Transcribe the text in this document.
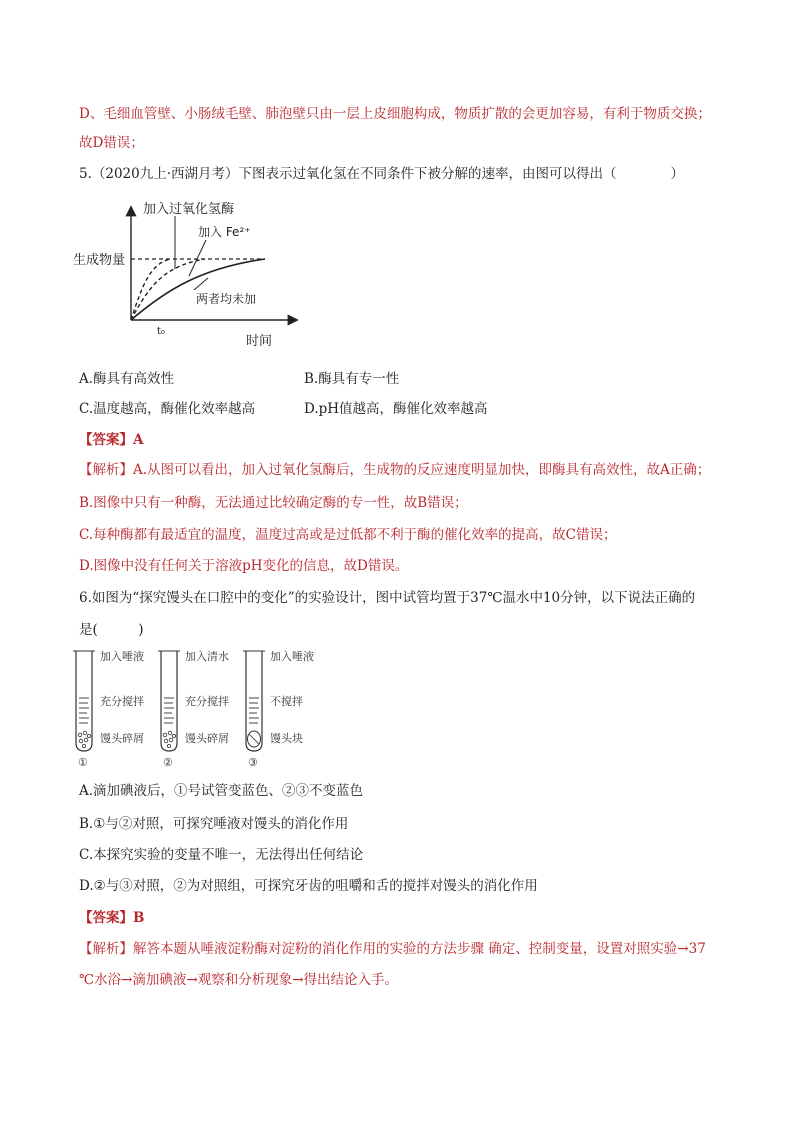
D、毛细血管壁、小肠绒毛壁、肺泡壁只由一层上皮细胞构成，物质扩散的会更加容易，有利于物质交换；
故D错误；
5.（2020九上·西湖月考）下图表示过氧化氢在不同条件下被分解的速率，由图可以得出（　　　　）
加入过氧化氢酶
加入 Fe²⁺
两者均未加
生成物量
t₀
时间
A.酶具有高效性	B.酶具有专一性
C.温度越高，酶催化效率越高	D.pH值越高，酶催化效率越高
【答案】A
【解析】A.从图可以看出，加入过氧化氢酶后，生成物的反应速度明显加快，即酶具有高效性，故A正确；
B.图像中只有一种酶，无法通过比较确定酶的专一性，故B错误；
C.每种酶都有最适宜的温度，温度过高或是过低都不利于酶的催化效率的提高，故C错误；
D.图像中没有任何关于溶液pH变化的信息，故D错误。
6.如图为“探究馒头在口腔中的变化”的实验设计，图中试管均置于37℃温水中10分钟，以下说法正确的
是(　　　)
加入唾液
充分搅拌
馒头碎屑
①
加入清水
充分搅拌
馒头碎屑
②
加入唾液
不搅拌
馒头块
③
A.滴加碘液后，①号试管变蓝色、②③不变蓝色
B.①与②对照，可探究唾液对馒头的消化作用
C.本探究实验的变量不唯一，无法得出任何结论
D.②与③对照，②为对照组，可探究牙齿的咀嚼和舌的搅拌对馒头的消化作用
【答案】B
【解析】解答本题从唾液淀粉酶对淀粉的消化作用的实验的方法步骤 确定、控制变量，设置对照实验→37
℃水浴→滴加碘液→观察和分析现象→得出结论入手。
